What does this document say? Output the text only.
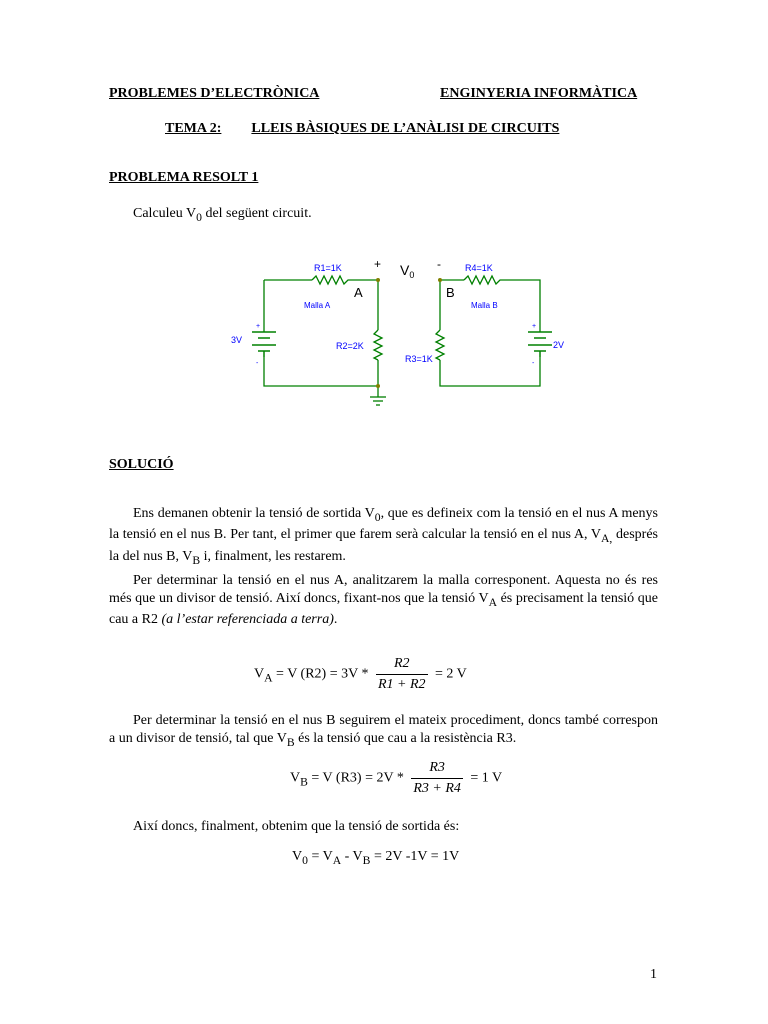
PROBLEMES D’ELECTRÒNICA	ENGINYERIA INFORMÀTICA
TEMA 2: LLEIS BÀSIQUES DE L’ANÀLISI DE CIRCUITS
PROBLEMA RESOLT 1
Calculeu $V_0$ del següent circuit.
R1=1K	R4=1K
R2=2K
R3=1K
Malla A	Malla B
3V	2V
+
-
+
-
A	B
+	-
$V_0$
SOLUCIÓ
Ens demanen obtenir la tensió de sortida $V_0$, que es defineix com la tensió en el nus A menys la tensió en el nus B. Per tant, el primer que farem serà calcular la tensió en el nus A, $V_{A,}$ després la del nus B, $V_B$ i, finalment, les restarem.
Per determinar la tensió en el nus A, analitzarem la malla corresponent. Aquesta no és res més que un divisor de tensió. Així doncs, fixant-nos que la tensió $V_A$ és precisament la tensió que cau a R2 (a l’estar referenciada a terra).
$V_A = V$ $(R2) = 3V * \frac{R2}{R1 + R2} = 2$ V
Per determinar la tensió en el nus B seguirem el mateix procediment, doncs també correspon a un divisor de tensió, tal que $V_B$ és la tensió que cau a la resistència R3.
$V_B = V$ $(R3) = 2V * \frac{R3}{R3 + R4} = 1$ V
Així doncs, finalment, obtenim que la tensió de sortida és:
$V_0 = V_A - V_B = 2V$ -1V = 1V
1
